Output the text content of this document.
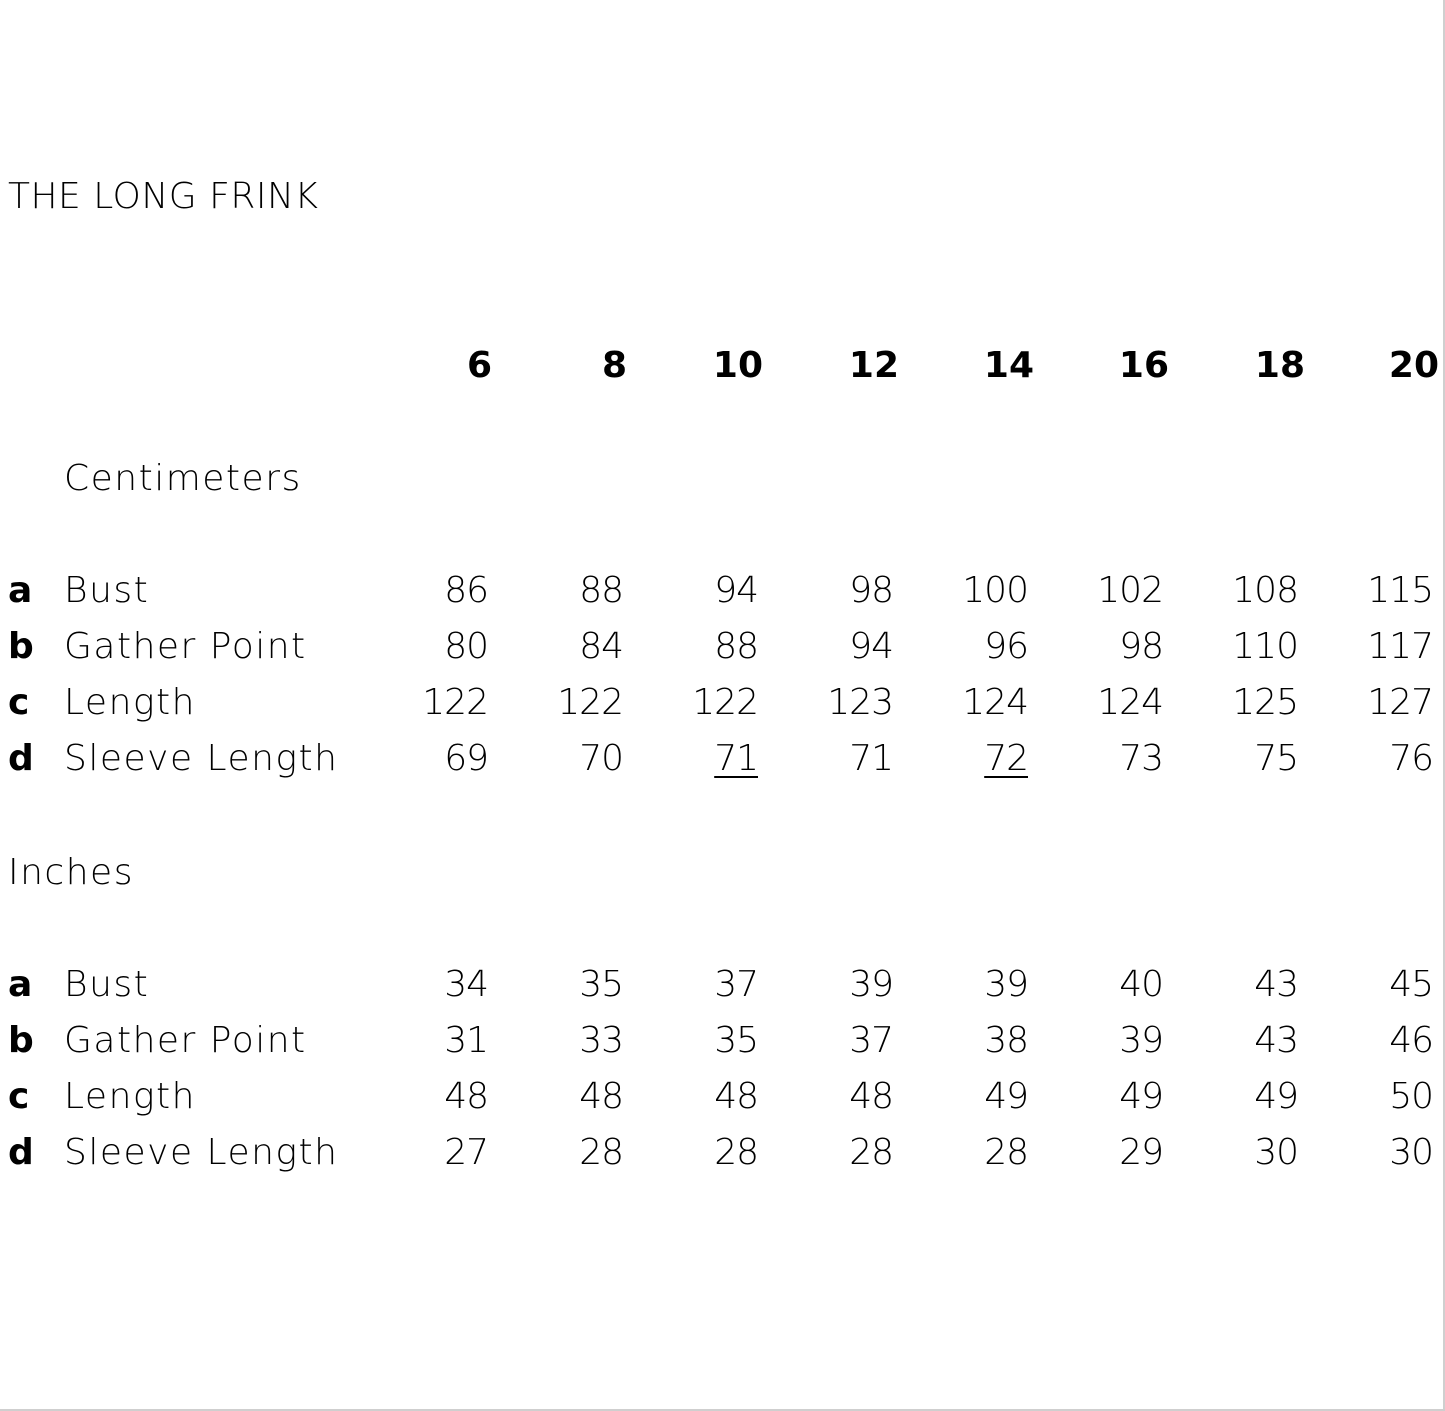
THE LONG FRINK
6	8	10	12	14	16	18	20
Centimeters
a Bust	86	88	94	98	100	102	108	115
b Gather Point	80	84	88	94	96	98	110	117
c Length	122	122	122	123	124	124	125	127
d Sleeve Length	69	70	71	71	72	73	75	76
Inches
a Bust	34	35	37	39	39	40	43	45
b Gather Point	31	33	35	37	38	39	43	46
c Length	48	48	48	48	49	49	49	50
d Sleeve Length	27	28	28	28	28	29	30	30
